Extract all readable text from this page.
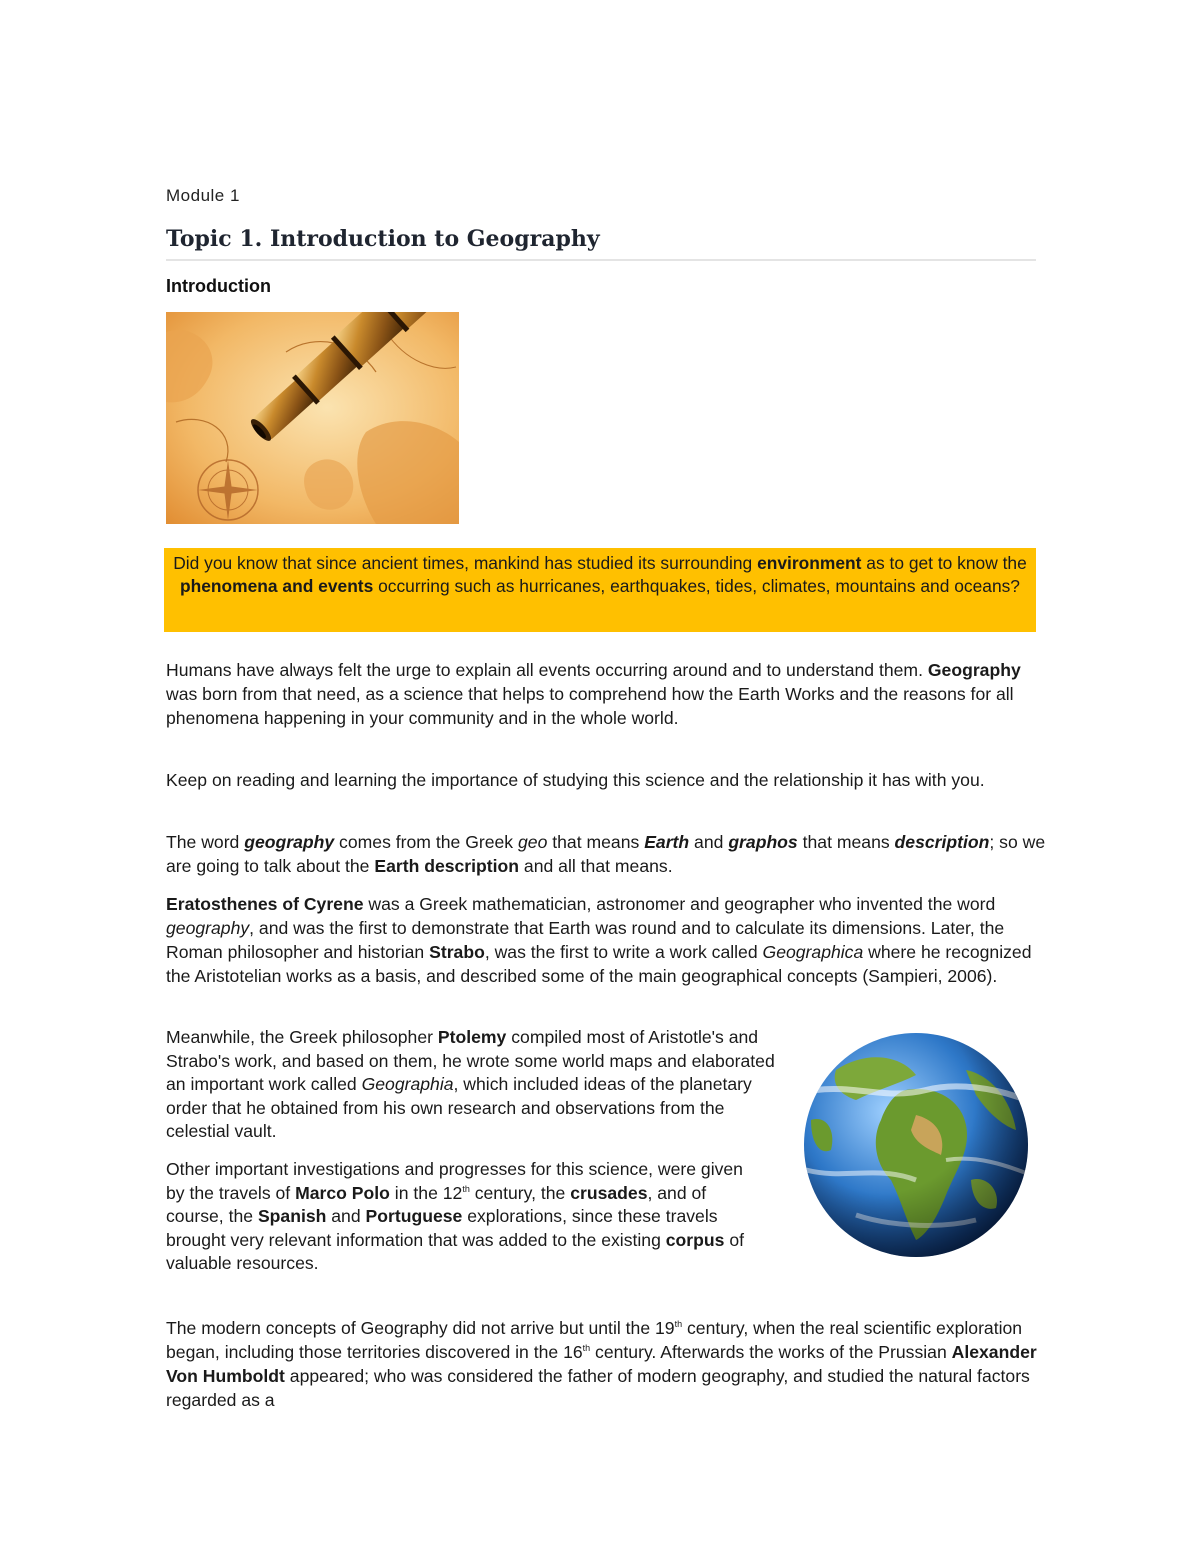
Module 1
Topic 1. Introduction to Geography
Introduction
Did you know that since ancient times, mankind has studied its surrounding environment as to get to know the phenomena and events occurring such as hurricanes, earthquakes, tides, climates, mountains and oceans?

Humans have always felt the urge to explain all events occurring around and to understand them. Geography was born from that need, as a science that helps to comprehend how the Earth Works and the reasons for all phenomena happening in your community and in the whole world.

Keep on reading and learning the importance of studying this science and the relationship it has with you.

The word geography comes from the Greek geo that means Earth and graphos that means description; so we are going to talk about the Earth description and all that means.

Eratosthenes of Cyrene was a Greek mathematician, astronomer and geographer who invented the word geography, and was the first to demonstrate that Earth was round and to calculate its dimensions. Later, the Roman philosopher and historian Strabo, was the first to write a work called Geographica where he recognized the Aristotelian works as a basis, and described some of the main geographical concepts (Sampieri, 2006).

Meanwhile, the Greek philosopher Ptolemy compiled most of Aristotle's and Strabo's work, and based on them, he wrote some world maps and elaborated an important work called Geographia, which included ideas of the planetary order that he obtained from his own research and observations from the celestial vault.

Other important investigations and progresses for this science, were given by the travels of Marco Polo in the 12th century, the crusades, and of course, the Spanish and Portuguese explorations, since these travels brought very relevant information that was added to the existing corpus of valuable resources.

The modern concepts of Geography did not arrive but until the 19th century, when the real scientific exploration began, including those territories discovered in the 16th century. Afterwards the works of the Prussian Alexander Von Humboldt appeared; who was considered the father of modern geography, and studied the natural factors regarded as a
